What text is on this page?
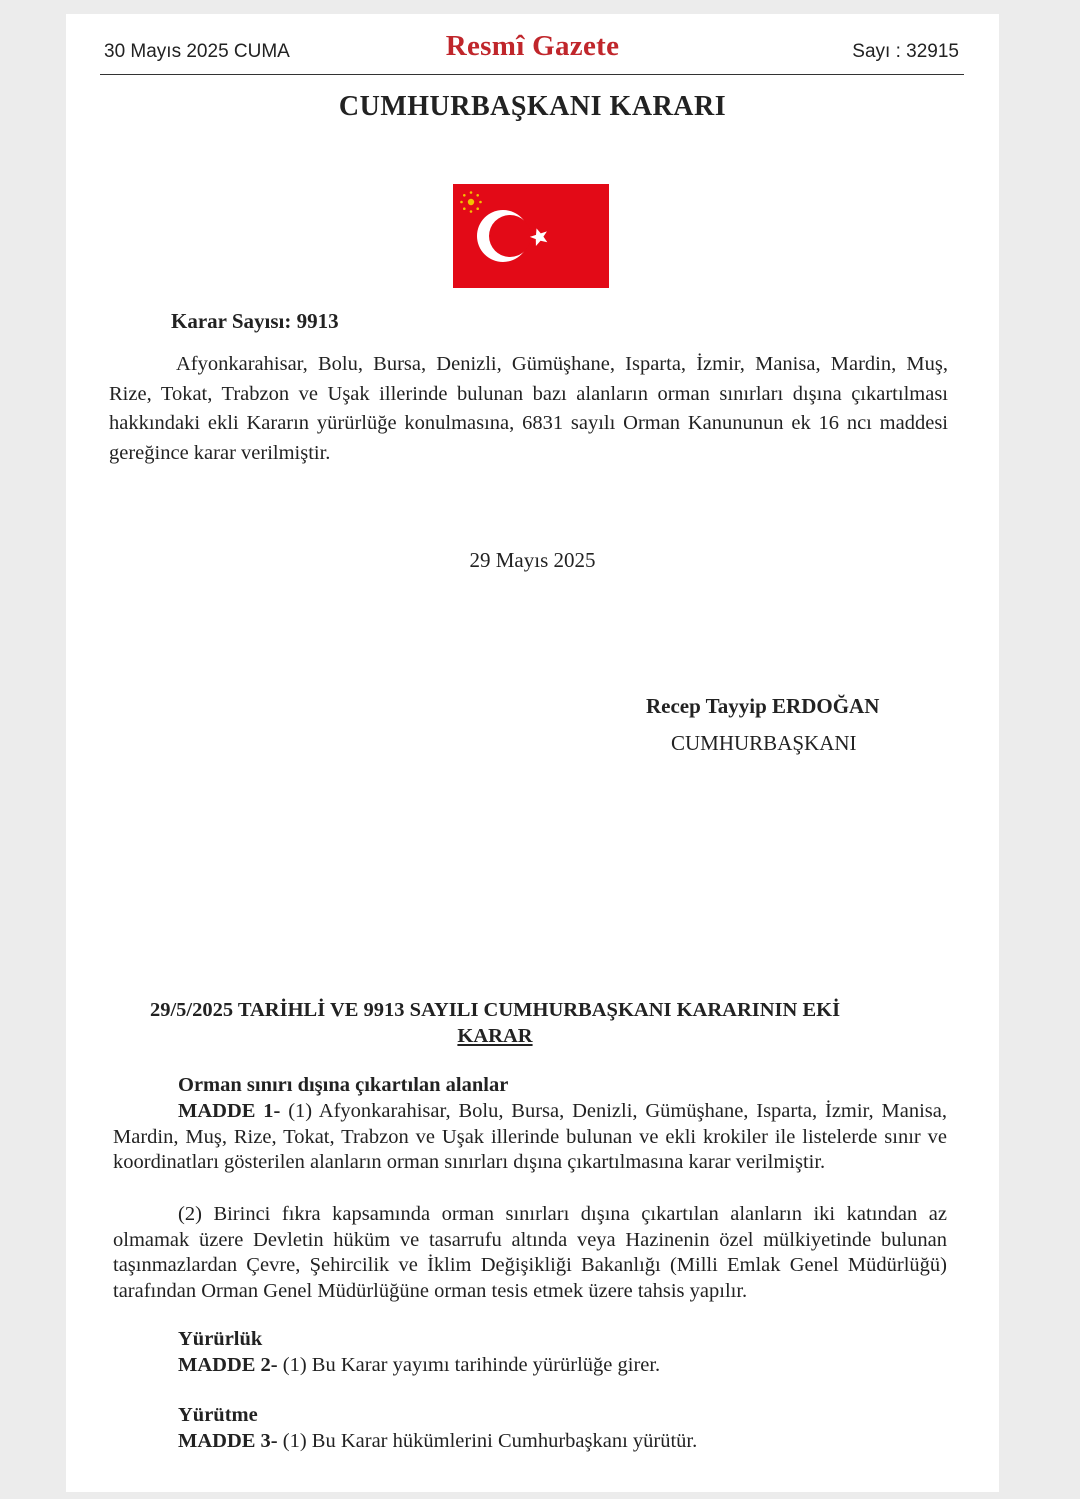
30 Mayıs 2025 CUMA	Resmî Gazete	Sayı : 32915
CUMHURBAŞKANI KARARI
Karar Sayısı: 9913

Afyonkarahisar, Bolu, Bursa, Denizli, Gümüşhane, Isparta, İzmir, Manisa, Mardin, Muş, Rize, Tokat, Trabzon ve Uşak illerinde bulunan bazı alanların orman sınırları dışına çıkartılması hakkındaki ekli Kararın yürürlüğe konulmasına, 6831 sayılı Orman Kanununun ek 16 ncı maddesi gereğince karar verilmiştir.

29 Mayıs 2025
Recep Tayyip ERDOĞAN
CUMHURBAŞKANI
29/5/2025 TARİHLİ VE 9913 SAYILI CUMHURBAŞKANI KARARININ EKİ
KARAR
Orman sınırı dışına çıkartılan alanlar

MADDE 1- (1) Afyonkarahisar, Bolu, Bursa, Denizli, Gümüşhane, Isparta, İzmir, Manisa, Mardin, Muş, Rize, Tokat, Trabzon ve Uşak illerinde bulunan ve ekli krokiler ile listelerde sınır ve koordinatları gösterilen alanların orman sınırları dışına çıkartılmasına karar verilmiştir.

(2) Birinci fıkra kapsamında orman sınırları dışına çıkartılan alanların iki katından az olmamak üzere Devletin hüküm ve tasarrufu altında veya Hazinenin özel mülkiyetinde bulunan taşınmazlardan Çevre, Şehircilik ve İklim Değişikliği Bakanlığı (Milli Emlak Genel Müdürlüğü) tarafından Orman Genel Müdürlüğüne orman tesis etmek üzere tahsis yapılır.

Yürürlük

MADDE 2- (1) Bu Karar yayımı tarihinde yürürlüğe girer.

Yürütme

MADDE 3- (1) Bu Karar hükümlerini Cumhurbaşkanı yürütür.
